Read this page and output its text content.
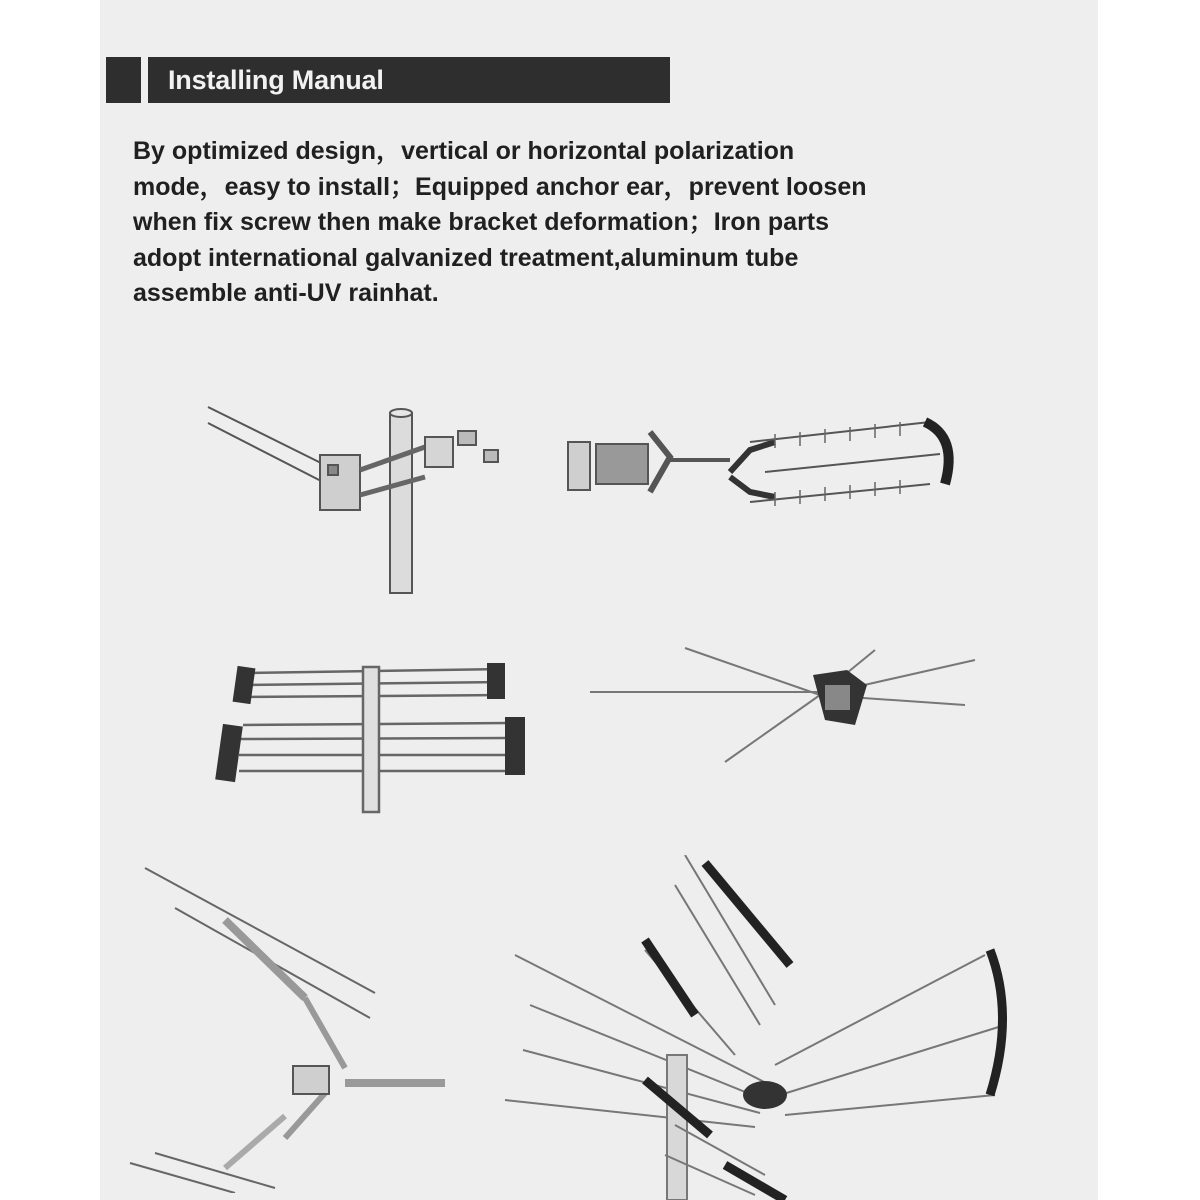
Installing Manual
By optimized design，vertical or horizontal polarization
mode，easy to install；Equipped anchor ear，prevent loosen
when fix screw then make bracket deformation；Iron parts
adopt international galvanized treatment,aluminum tube
assemble anti-UV rainhat.
